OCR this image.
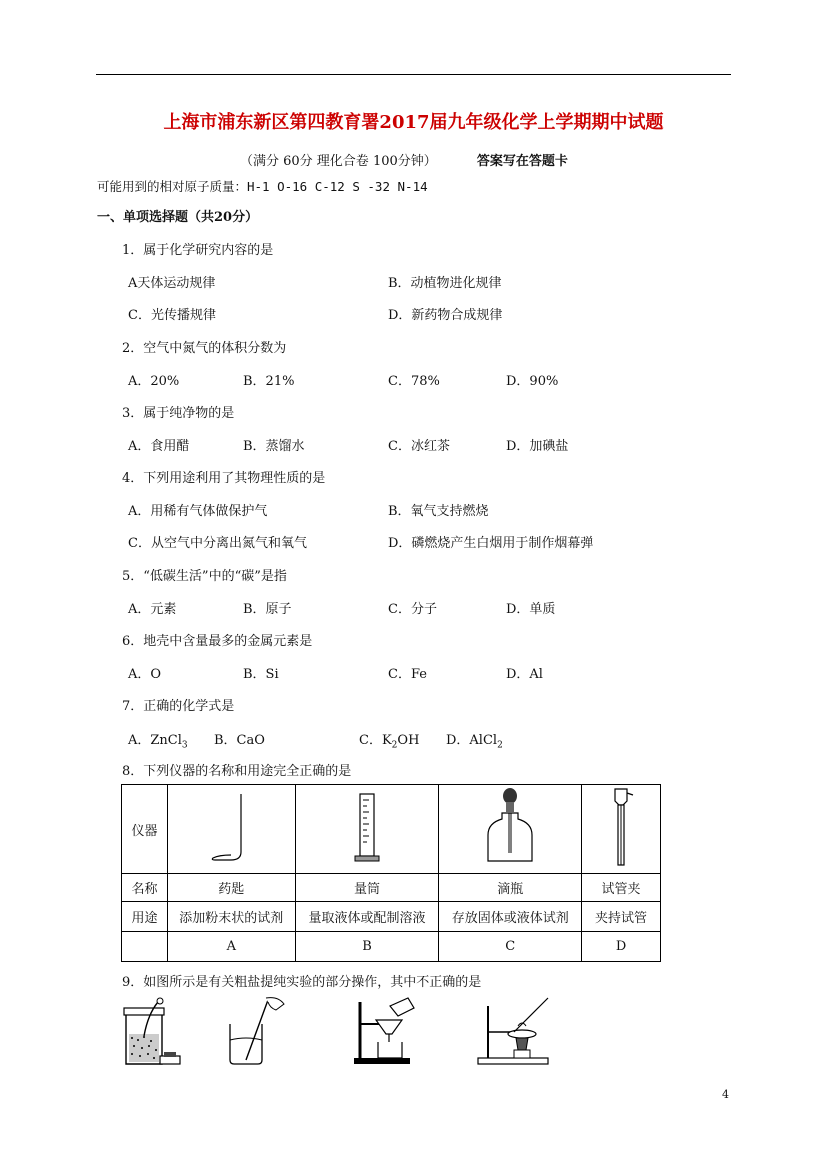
上海市浦东新区第四教育署2017届九年级化学上学期期中试题
（满分 60分 理化合卷 100分钟）	答案写在答题卡
可能用到的相对原子质量：H-1 O-16 C-12 S -32 N-14
一、单项选择题（共20分）
1．属于化学研究内容的是
A天体运动规律	B．动植物进化规律
C．光传播规律	D．新药物合成规律
2．空气中氮气的体积分数为
A．20%	B．21%	C．78%	D．90%
3．属于纯净物的是
A．食用醋	B．蒸馏水	C．冰红茶	D．加碘盐
4．下列用途利用了其物理性质的是
A．用稀有气体做保护气	B．氧气支持燃烧
C．从空气中分离出氮气和氧气	D．磷燃烧产生白烟用于制作烟幕弹
5．“低碳生活”中的“碳”是指
A．元素	B．原子	C．分子	D．单质
6．地壳中含量最多的金属元素是
A．O	B．Si	C．Fe	D．Al
7．正确的化学式是
A．ZnCl$_3$ B．CaO	C．$K_2OH$ D．AlCl$_2$
8．下列仪器的名称和用途完全正确的是
仪器				
名称	药匙	量筒	滴瓶	试管夹
用途	添加粉末状的试剂	量取液体或配制溶液	存放固体或液体试剂	夹持试管
	A	B	C	D
9．如图所示是有关粗盐提纯实验的部分操作，其中不正确的是
4
